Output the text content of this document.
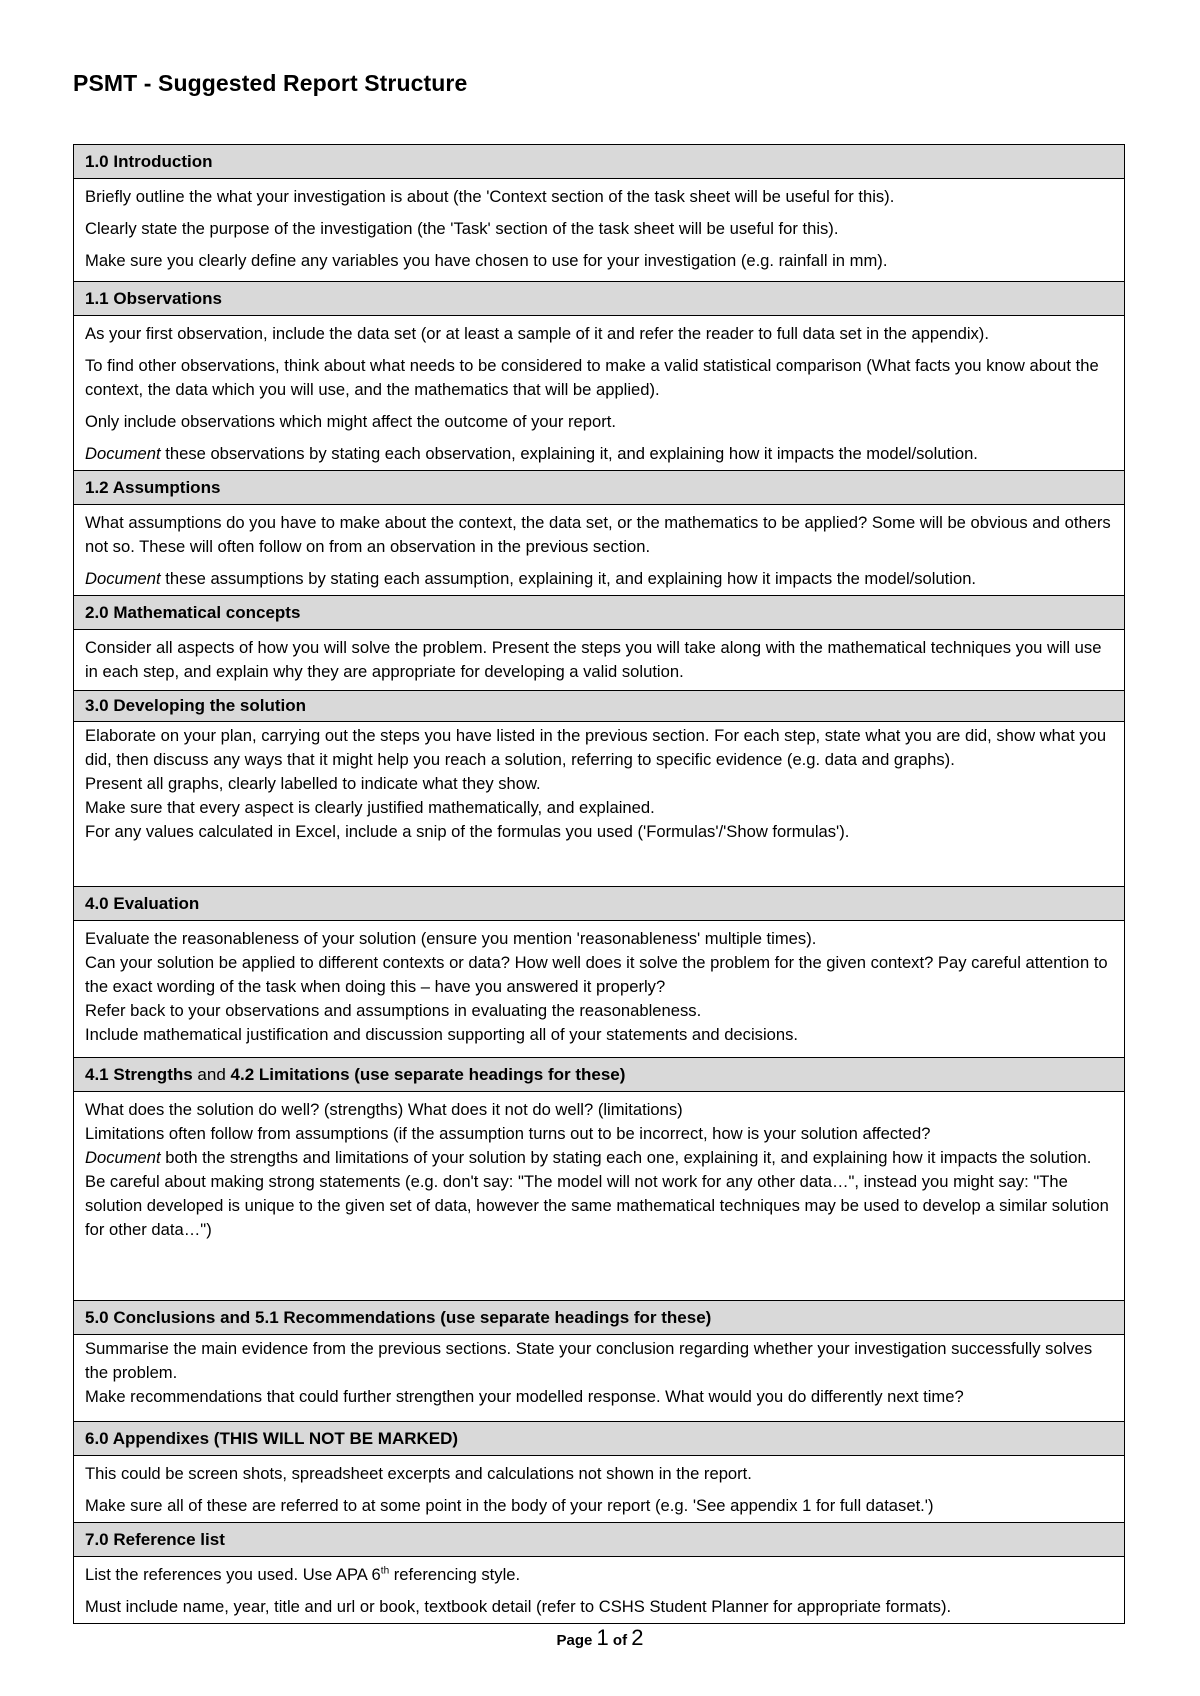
PSMT - Suggested Report Structure
1.0 Introduction

Briefly outline the what your investigation is about (the 'Context section of the task sheet will be useful for this).

Clearly state the purpose of the investigation (the 'Task' section of the task sheet will be useful for this).

Make sure you clearly define any variables you have chosen to use for your investigation (e.g. rainfall in mm).

1.1 Observations

As your first observation, include the data set (or at least a sample of it and refer the reader to full data set in the appendix).

To find other observations, think about what needs to be considered to make a valid statistical comparison (What facts you know about the context, the data which you will use, and the mathematics that will be applied).

Only include observations which might affect the outcome of your report.

Document these observations by stating each observation, explaining it, and explaining how it impacts the model/solution.

1.2 Assumptions

What assumptions do you have to make about the context, the data set, or the mathematics to be applied? Some will be obvious and others not so. These will often follow on from an observation in the previous section.

Document these assumptions by stating each assumption, explaining it, and explaining how it impacts the model/solution.

2.0 Mathematical concepts

Consider all aspects of how you will solve the problem. Present the steps you will take along with the mathematical techniques you will use in each step, and explain why they are appropriate for developing a valid solution.

3.0 Developing the solution

Elaborate on your plan, carrying out the steps you have listed in the previous section. For each step, state what you are did, show what you did, then discuss any ways that it might help you reach a solution, referring to specific evidence (e.g. data and graphs).

Present all graphs, clearly labelled to indicate what they show.

Make sure that every aspect is clearly justified mathematically, and explained.

For any values calculated in Excel, include a snip of the formulas you used ('Formulas'/'Show formulas').

4.0 Evaluation

Evaluate the reasonableness of your solution (ensure you mention 'reasonableness' multiple times).

Can your solution be applied to different contexts or data? How well does it solve the problem for the given context? Pay careful attention to the exact wording of the task when doing this – have you answered it properly?

Refer back to your observations and assumptions in evaluating the reasonableness.

Include mathematical justification and discussion supporting all of your statements and decisions.

4.1 Strengths and 4.2 Limitations (use separate headings for these)

What does the solution do well? (strengths) What does it not do well? (limitations)

Limitations often follow from assumptions (if the assumption turns out to be incorrect, how is your solution affected?

Document both the strengths and limitations of your solution by stating each one, explaining it, and explaining how it impacts the solution.

Be careful about making strong statements (e.g. don't say: "The model will not work for any other data…", instead you might say: "The solution developed is unique to the given set of data, however the same mathematical techniques may be used to develop a similar solution for other data…")

5.0 Conclusions and 5.1 Recommendations (use separate headings for these)

Summarise the main evidence from the previous sections. State your conclusion regarding whether your investigation successfully solves the problem.

Make recommendations that could further strengthen your modelled response. What would you do differently next time?

6.0 Appendixes (THIS WILL NOT BE MARKED)

This could be screen shots, spreadsheet excerpts and calculations not shown in the report.

Make sure all of these are referred to at some point in the body of your report (e.g. 'See appendix 1 for full dataset.')

7.0 Reference list

List the references you used. Use APA 6th referencing style.

Must include name, year, title and url or book, textbook detail (refer to CSHS Student Planner for appropriate formats).

Page 1 of 2
